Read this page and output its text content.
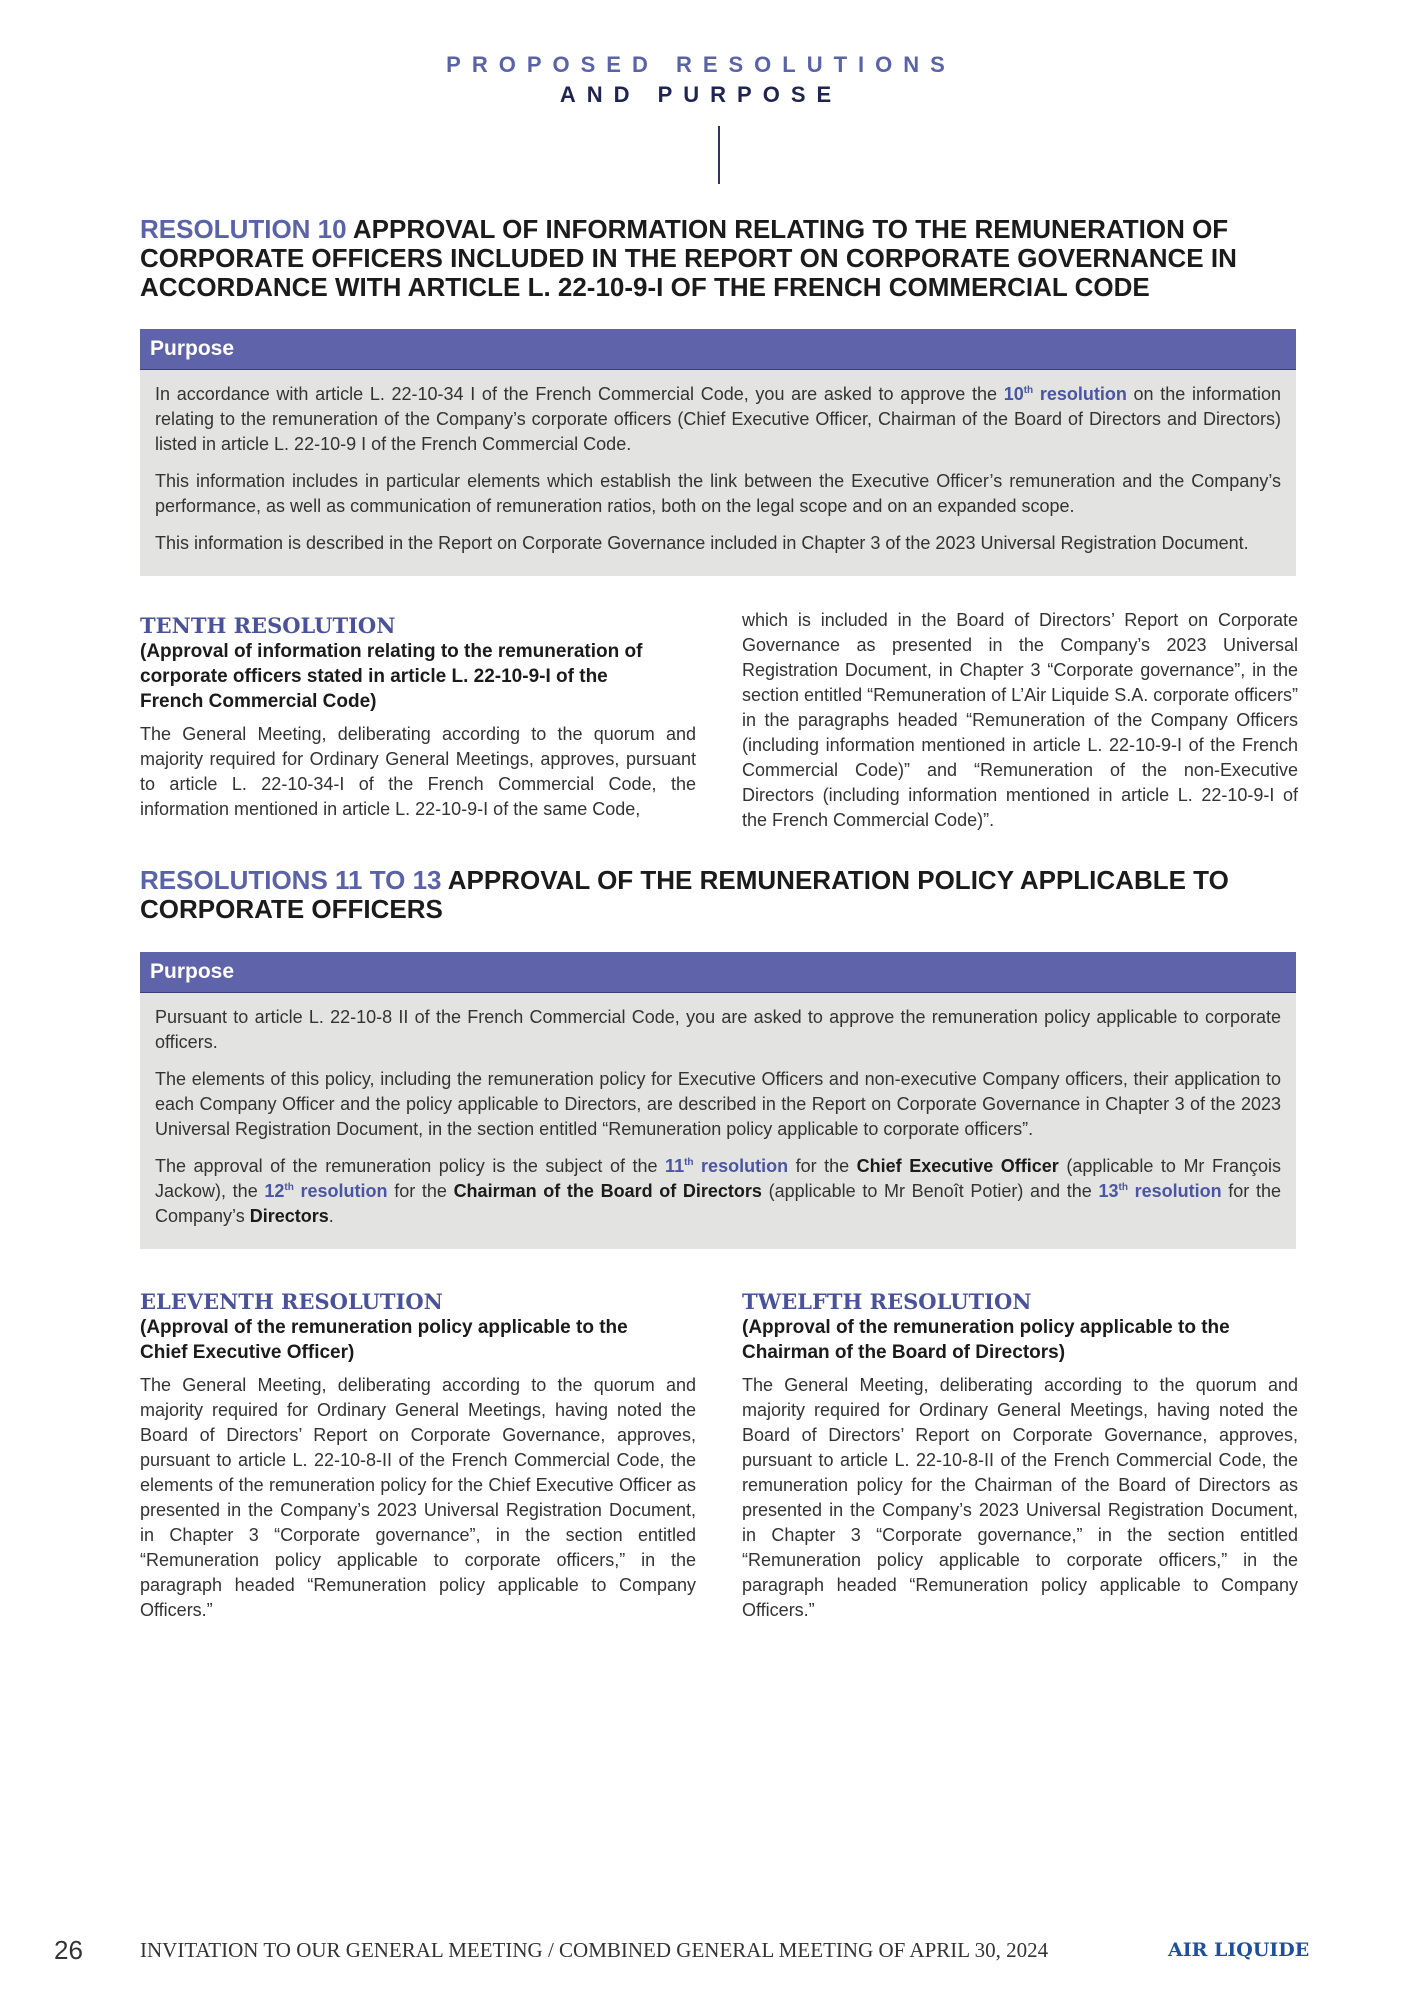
PROPOSED RESOLUTIONS
AND PURPOSE
RESOLUTION 10 APPROVAL OF INFORMATION RELATING TO THE REMUNERATION OF CORPORATE OFFICERS INCLUDED IN THE REPORT ON CORPORATE GOVERNANCE IN ACCORDANCE WITH ARTICLE L. 22-10-9-I OF THE FRENCH COMMERCIAL CODE
Purpose

In accordance with article L. 22-10-34 I of the French Commercial Code, you are asked to approve the 10th resolution on the information relating to the remuneration of the Company’s corporate officers (Chief Executive Officer, Chairman of the Board of Directors and Directors) listed in article L. 22-10-9 I of the French Commercial Code.

This information includes in particular elements which establish the link between the Executive Officer’s remuneration and the Company’s performance, as well as communication of remuneration ratios, both on the legal scope and on an expanded scope.

This information is described in the Report on Corporate Governance included in Chapter 3 of the 2023 Universal Registration Document.

TENTH RESOLUTION
(Approval of information relating to the remuneration of corporate officers stated in article L. 22-10-9-I of the French Commercial Code)

The General Meeting, deliberating according to the quorum and majority required for Ordinary General Meetings, approves, pursuant to article L. 22-10-34-I of the French Commercial Code, the information mentioned in article L. 22-10-9-I of the same Code,

which is included in the Board of Directors’ Report on Corporate Governance as presented in the Company’s 2023 Universal Registration Document, in Chapter 3 “Corporate governance”, in the section entitled “Remuneration of L’Air Liquide S.A. corporate officers” in the paragraphs headed “Remuneration of the Company Officers (including information mentioned in article L. 22-10-9-I of the French Commercial Code)” and “Remuneration of the non-Executive Directors (including information mentioned in article L. 22-10-9-I of the French Commercial Code)”.

RESOLUTIONS 11 TO 13 APPROVAL OF THE REMUNERATION POLICY APPLICABLE TO CORPORATE OFFICERS
Purpose

Pursuant to article L. 22-10-8 II of the French Commercial Code, you are asked to approve the remuneration policy applicable to corporate officers.

The elements of this policy, including the remuneration policy for Executive Officers and non-executive Company officers, their application to each Company Officer and the policy applicable to Directors, are described in the Report on Corporate Governance in Chapter 3 of the 2023 Universal Registration Document, in the section entitled “Remuneration policy applicable to corporate officers”.

The approval of the remuneration policy is the subject of the 11th resolution for the Chief Executive Officer (applicable to Mr François Jackow), the 12th resolution for the Chairman of the Board of Directors (applicable to Mr Benoît Potier) and the 13th resolution for the Company’s Directors.

ELEVENTH RESOLUTION
(Approval of the remuneration policy applicable to the Chief Executive Officer)

The General Meeting, deliberating according to the quorum and majority required for Ordinary General Meetings, having noted the Board of Directors’ Report on Corporate Governance, approves, pursuant to article L. 22-10-8-II of the French Commercial Code, the elements of the remuneration policy for the Chief Executive Officer as presented in the Company’s 2023 Universal Registration Document, in Chapter 3 “Corporate governance”, in the section entitled “Remuneration policy applicable to corporate officers,” in the paragraph headed “Remuneration policy applicable to Company Officers.”

TWELFTH RESOLUTION
(Approval of the remuneration policy applicable to the Chairman of the Board of Directors)

The General Meeting, deliberating according to the quorum and majority required for Ordinary General Meetings, having noted the Board of Directors’ Report on Corporate Governance, approves, pursuant to article L. 22-10-8-II of the French Commercial Code, the remuneration policy for the Chairman of the Board of Directors as presented in the Company’s 2023 Universal Registration Document, in Chapter 3 “Corporate governance,” in the section entitled “Remuneration policy applicable to corporate officers,” in the paragraph headed “Remuneration policy applicable to Company Officers.”

26	INVITATION TO OUR GENERAL MEETING / COMBINED GENERAL MEETING OF APRIL 30, 2024	AIR LIQUIDE
